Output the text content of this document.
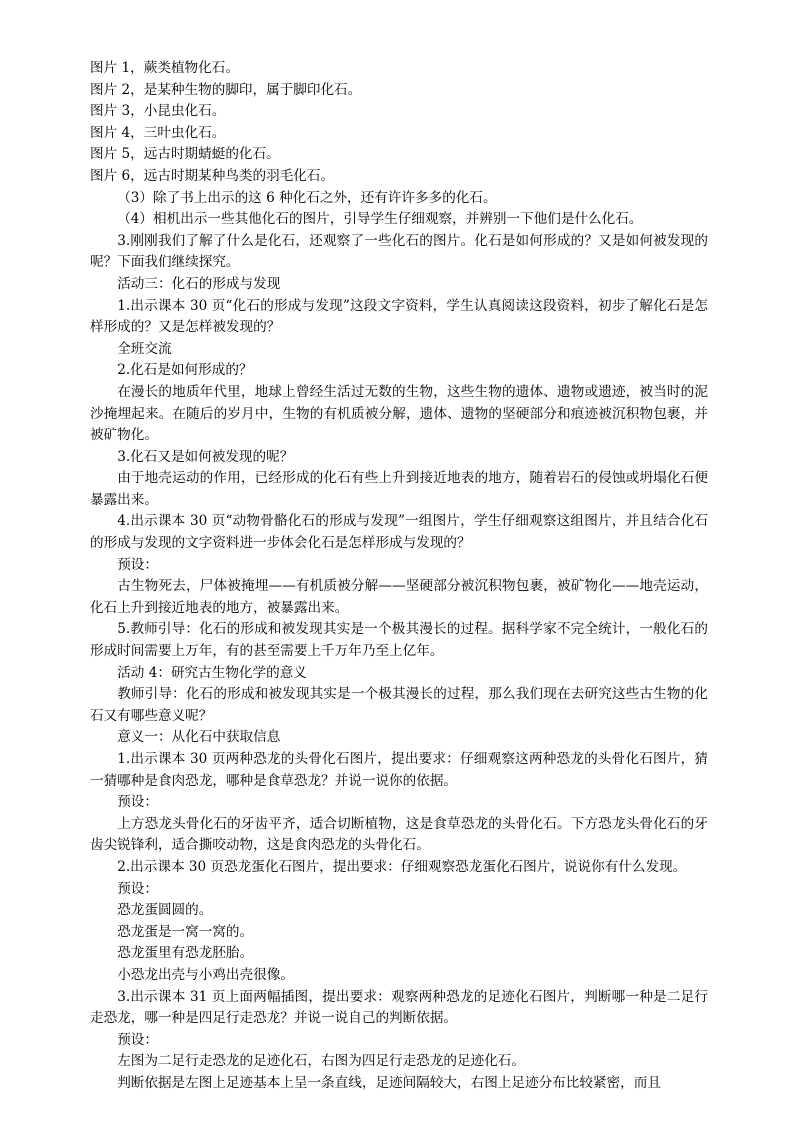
图片 1，蕨类植物化石。

图片 2，是某种生物的脚印，属于脚印化石。

图片 3，小昆虫化石。

图片 4，三叶虫化石。

图片 5，远古时期蜻蜓的化石。

图片 6，远古时期某种鸟类的羽毛化石。

（3）除了书上出示的这 6 种化石之外，还有许许多多的化石。

（4）相机出示一些其他化石的图片，引导学生仔细观察，并辨别一下他们是什么化石。

3.刚刚我们了解了什么是化石，还观察了一些化石的图片。化石是如何形成的？又是如何被发现的呢？下面我们继续探究。

活动三：化石的形成与发现

1.出示课本 30 页“化石的形成与发现”这段文字资料，学生认真阅读这段资料，初步了解化石是怎样形成的？又是怎样被发现的？

全班交流

2.化石是如何形成的？

在漫长的地质年代里，地球上曾经生活过无数的生物，这些生物的遗体、遗物或遗迹，被当时的泥沙掩埋起来。在随后的岁月中，生物的有机质被分解，遗体、遗物的坚硬部分和痕迹被沉积物包裹，并被矿物化。

3.化石又是如何被发现的呢？

由于地壳运动的作用，已经形成的化石有些上升到接近地表的地方，随着岩石的侵蚀或坍塌化石便暴露出来。

4.出示课本 30 页“动物骨骼化石的形成与发现”一组图片，学生仔细观察这组图片，并且结合化石的形成与发现的文字资料进一步体会化石是怎样形成与发现的？

预设：

古生物死去，尸体被掩埋——有机质被分解——坚硬部分被沉积物包裹，被矿物化——地壳运动，化石上升到接近地表的地方，被暴露出来。

5.教师引导：化石的形成和被发现其实是一个极其漫长的过程。据科学家不完全统计，一般化石的形成时间需要上万年，有的甚至需要上千万年乃至上亿年。

活动 4：研究古生物化学的意义

教师引导：化石的形成和被发现其实是一个极其漫长的过程，那么我们现在去研究这些古生物的化石又有哪些意义呢？

意义一：从化石中获取信息

1.出示课本 30 页两种恐龙的头骨化石图片，提出要求：仔细观察这两种恐龙的头骨化石图片，猜一猜哪种是食肉恐龙，哪种是食草恐龙？并说一说你的依据。

预设：

上方恐龙头骨化石的牙齿平齐，适合切断植物，这是食草恐龙的头骨化石。下方恐龙头骨化石的牙齿尖锐锋利，适合撕咬动物，这是食肉恐龙的头骨化石。

2.出示课本 30 页恐龙蛋化石图片，提出要求：仔细观察恐龙蛋化石图片，说说你有什么发现。

预设：

恐龙蛋圆圆的。

恐龙蛋是一窝一窝的。

恐龙蛋里有恐龙胚胎。

小恐龙出壳与小鸡出壳很像。

3.出示课本 31 页上面两幅插图，提出要求：观察两种恐龙的足迹化石图片，判断哪一种是二足行走恐龙，哪一种是四足行走恐龙？并说一说自己的判断依据。

预设：

左图为二足行走恐龙的足迹化石，右图为四足行走恐龙的足迹化石。

判断依据是左图上足迹基本上呈一条直线，足迹间隔较大，右图上足迹分布比较紧密，而且
